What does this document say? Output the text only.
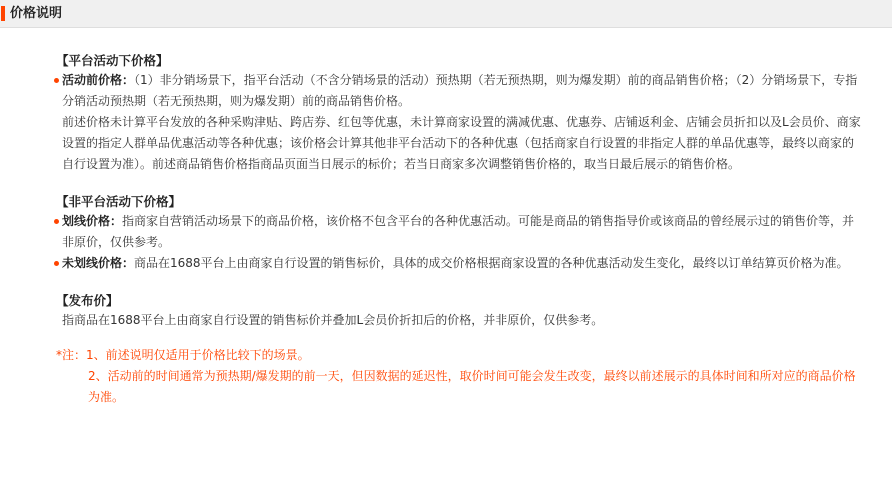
价格说明
【平台活动下价格】
活动前价格：（1）非分销场景下，指平台活动（不含分销场景的活动）预热期（若无预热期，则为爆发期）前的商品销售价格；（2）分销场景下，专指分销活动预热期（若无预热期，则为爆发期）前的商品销售价格。
前述价格未计算平台发放的各种采购津贴、跨店券、红包等优惠，未计算商家设置的满减优惠、优惠券、店铺返利金、店铺会员折扣以及L会员价、商家设置的指定人群单品优惠活动等各种优惠；该价格会计算其他非平台活动下的各种优惠（包括商家自行设置的非指定人群的单品优惠等，最终以商家的自行设置为准）。前述商品销售价格指商品页面当日展示的标价；若当日商家多次调整销售价格的，取当日最后展示的销售价格。
【非平台活动下价格】
划线价格：指商家自营销活动场景下的商品价格，该价格不包含平台的各种优惠活动。可能是商品的销售指导价或该商品的曾经展示过的销售价等，并非原价，仅供参考。
未划线价格：商品在1688平台上由商家自行设置的销售标价，具体的成交价格根据商家设置的各种优惠活动发生变化，最终以订单结算页价格为准。
【发布价】
指商品在1688平台上由商家自行设置的销售标价并叠加L会员价折扣后的价格，并非原价，仅供参考。
*注：1、前述说明仅适用于价格比较下的场景。
2、活动前的时间通常为预热期/爆发期的前一天，但因数据的延迟性，取价时间可能会发生改变，最终以前述展示的具体时间和所对应的商品价格为准。
